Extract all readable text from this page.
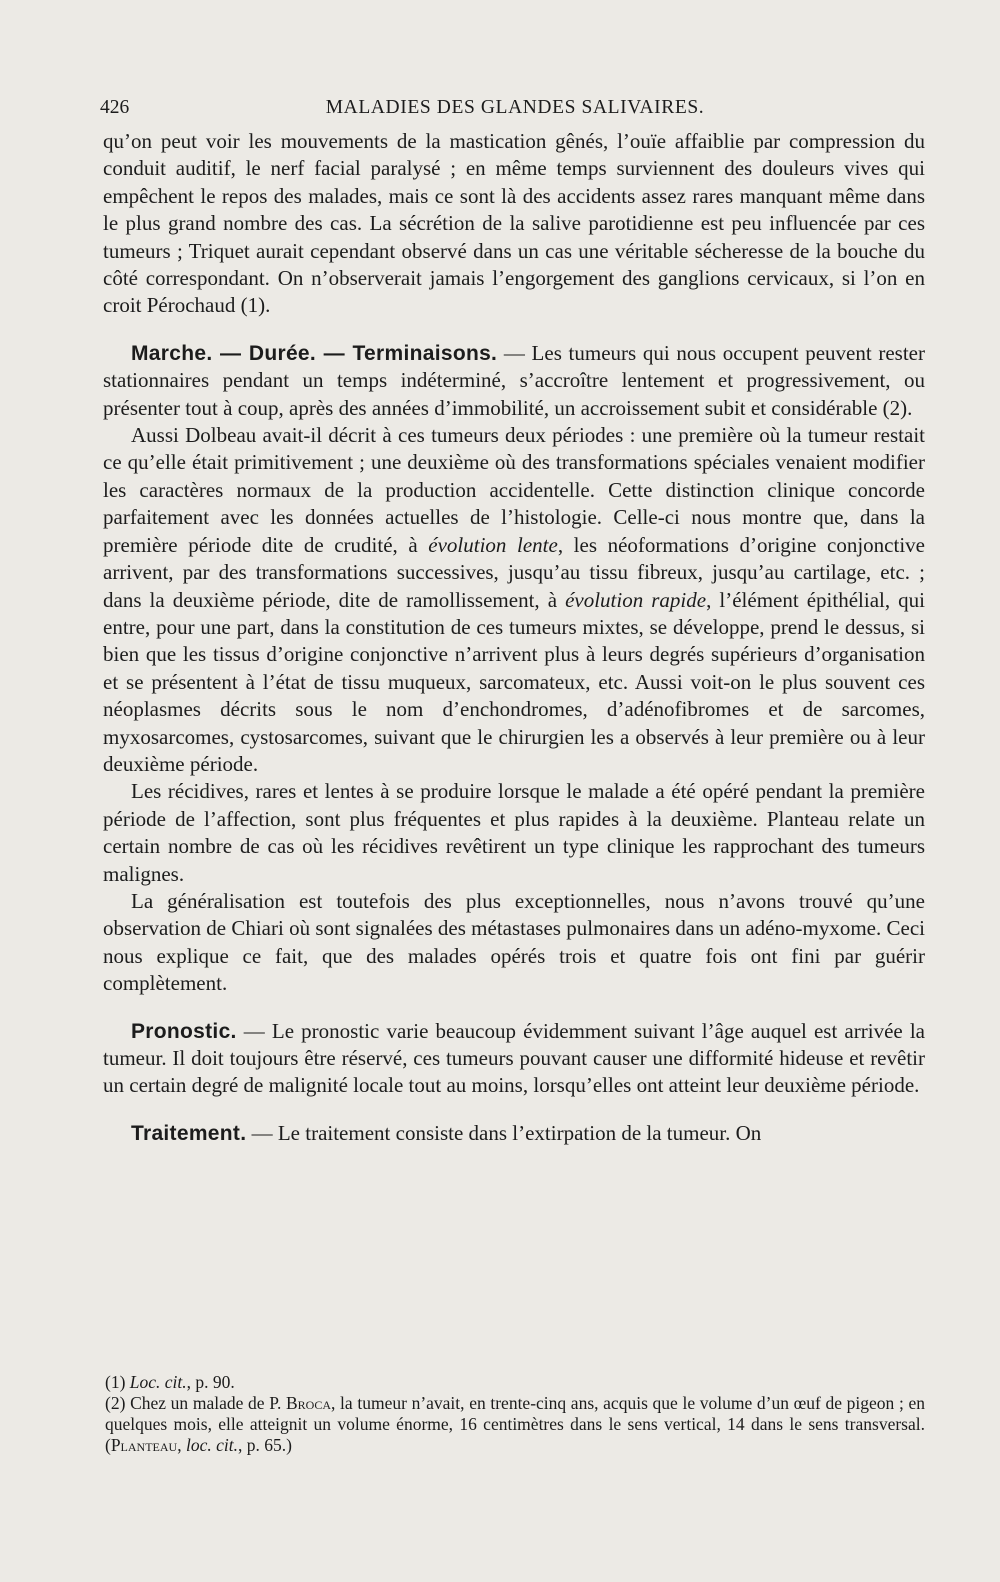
426	MALADIES DES GLANDES SALIVAIRES.

qu’on peut voir les mouvements de la mastication gênés, l’ouïe affaiblie par compression du conduit auditif, le nerf facial paralysé ; en même temps surviennent des douleurs vives qui empêchent le repos des malades, mais ce sont là des accidents assez rares manquant même dans le plus grand nombre des cas. La sécrétion de la salive parotidienne est peu influencée par ces tumeurs ; Triquet aurait cependant observé dans un cas une véritable sécheresse de la bouche du côté correspondant. On n’observerait jamais l’engorgement des ganglions cervicaux, si l’on en croit Pérochaud (1).

Marche. — Durée. — Terminaisons. — Les tumeurs qui nous occupent peuvent rester stationnaires pendant un temps indéterminé, s’accroître lentement et progressivement, ou présenter tout à coup, après des années d’immobilité, un accroissement subit et considérable (2).

Aussi Dolbeau avait-il décrit à ces tumeurs deux périodes : une première où la tumeur restait ce qu’elle était primitivement ; une deuxième où des transformations spéciales venaient modifier les caractères normaux de la production accidentelle. Cette distinction clinique concorde parfaitement avec les données actuelles de l’histologie. Celle-ci nous montre que, dans la première période dite de crudité, à évolution lente, les néoformations d’origine conjonctive arrivent, par des transformations successives, jusqu’au tissu fibreux, jusqu’au cartilage, etc. ; dans la deuxième période, dite de ramollissement, à évolution rapide, l’élément épithélial, qui entre, pour une part, dans la constitution de ces tumeurs mixtes, se développe, prend le dessus, si bien que les tissus d’origine conjonctive n’arrivent plus à leurs degrés supérieurs d’organisation et se présentent à l’état de tissu muqueux, sarcomateux, etc. Aussi voit-on le plus souvent ces néoplasmes décrits sous le nom d’enchondromes, d’adénofibromes et de sarcomes, myxosarcomes, cystosarcomes, suivant que le chirurgien les a observés à leur première ou à leur deuxième période.

Les récidives, rares et lentes à se produire lorsque le malade a été opéré pendant la première période de l’affection, sont plus fréquentes et plus rapides à la deuxième. Planteau relate un certain nombre de cas où les récidives revêtirent un type clinique les rapprochant des tumeurs malignes.

La généralisation est toutefois des plus exceptionnelles, nous n’avons trouvé qu’une observation de Chiari où sont signalées des métastases pulmonaires dans un adéno-myxome. Ceci nous explique ce fait, que des malades opérés trois et quatre fois ont fini par guérir complètement.

Pronostic. — Le pronostic varie beaucoup évidemment suivant l’âge auquel est arrivée la tumeur. Il doit toujours être réservé, ces tumeurs pouvant causer une difformité hideuse et revêtir un certain degré de malignité locale tout au moins, lorsqu’elles ont atteint leur deuxième période.

Traitement. — Le traitement consiste dans l’extirpation de la tumeur. On

(1) Loc. cit., p. 90.

(2) Chez un malade de P. Broca, la tumeur n’avait, en trente-cinq ans, acquis que le volume d’un œuf de pigeon ; en quelques mois, elle atteignit un volume énorme, 16 centimètres dans le sens vertical, 14 dans le sens transversal. (Planteau, loc. cit., p. 65.)
